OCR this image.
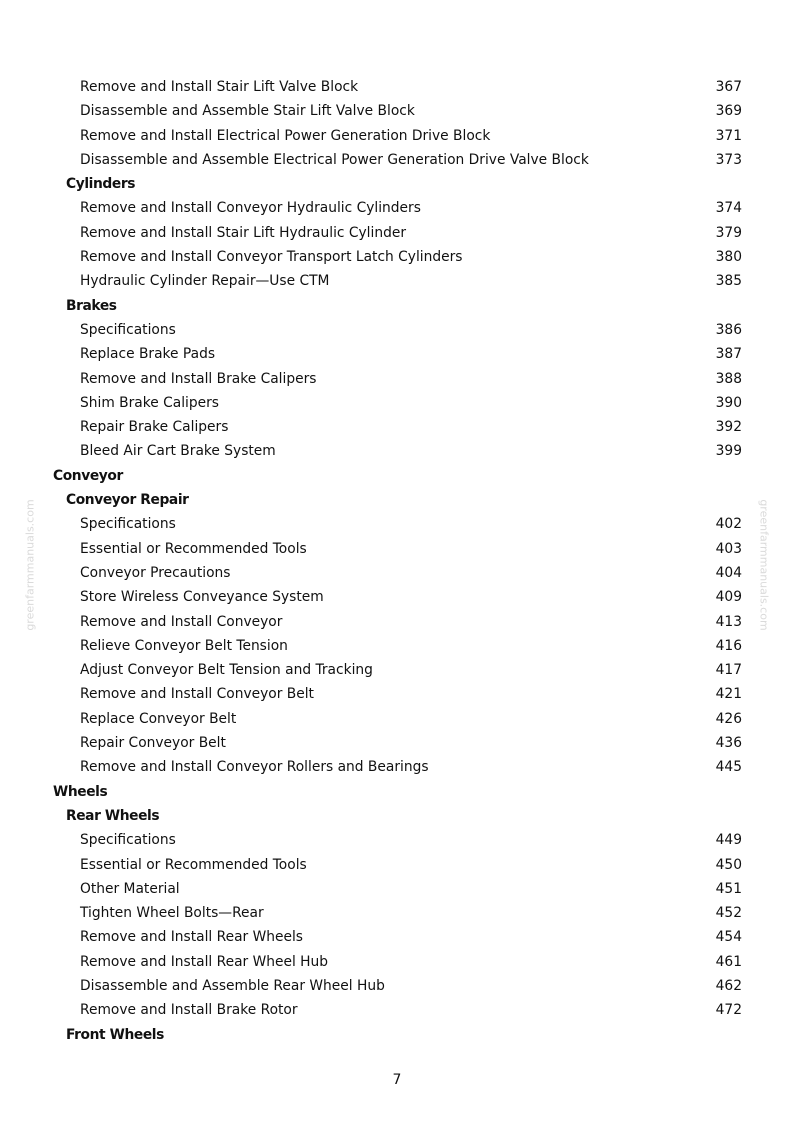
Remove and Install Stair Lift Valve Block	367
Disassemble and Assemble Stair Lift Valve Block	369
Remove and Install Electrical Power Generation Drive Block	371
Disassemble and Assemble Electrical Power Generation Drive Valve Block	373
Cylinders
Remove and Install Conveyor Hydraulic Cylinders	374
Remove and Install Stair Lift Hydraulic Cylinder	379
Remove and Install Conveyor Transport Latch Cylinders	380
Hydraulic Cylinder Repair—Use CTM	385
Brakes
Specifications	386
Replace Brake Pads	387
Remove and Install Brake Calipers	388
Shim Brake Calipers	390
Repair Brake Calipers	392
Bleed Air Cart Brake System	399
Conveyor
Conveyor Repair
Specifications	402
Essential or Recommended Tools	403
Conveyor Precautions	404
Store Wireless Conveyance System	409
Remove and Install Conveyor	413
Relieve Conveyor Belt Tension	416
Adjust Conveyor Belt Tension and Tracking	417
Remove and Install Conveyor Belt	421
Replace Conveyor Belt	426
Repair Conveyor Belt	436
Remove and Install Conveyor Rollers and Bearings	445
Wheels
Rear Wheels
Specifications	449
Essential or Recommended Tools	450
Other Material	451
Tighten Wheel Bolts—Rear	452
Remove and Install Rear Wheels	454
Remove and Install Rear Wheel Hub	461
Disassemble and Assemble Rear Wheel Hub	462
Remove and Install Brake Rotor	472
Front Wheels
greenfarmmanuals.com	greenfarmmanuals.com
7
